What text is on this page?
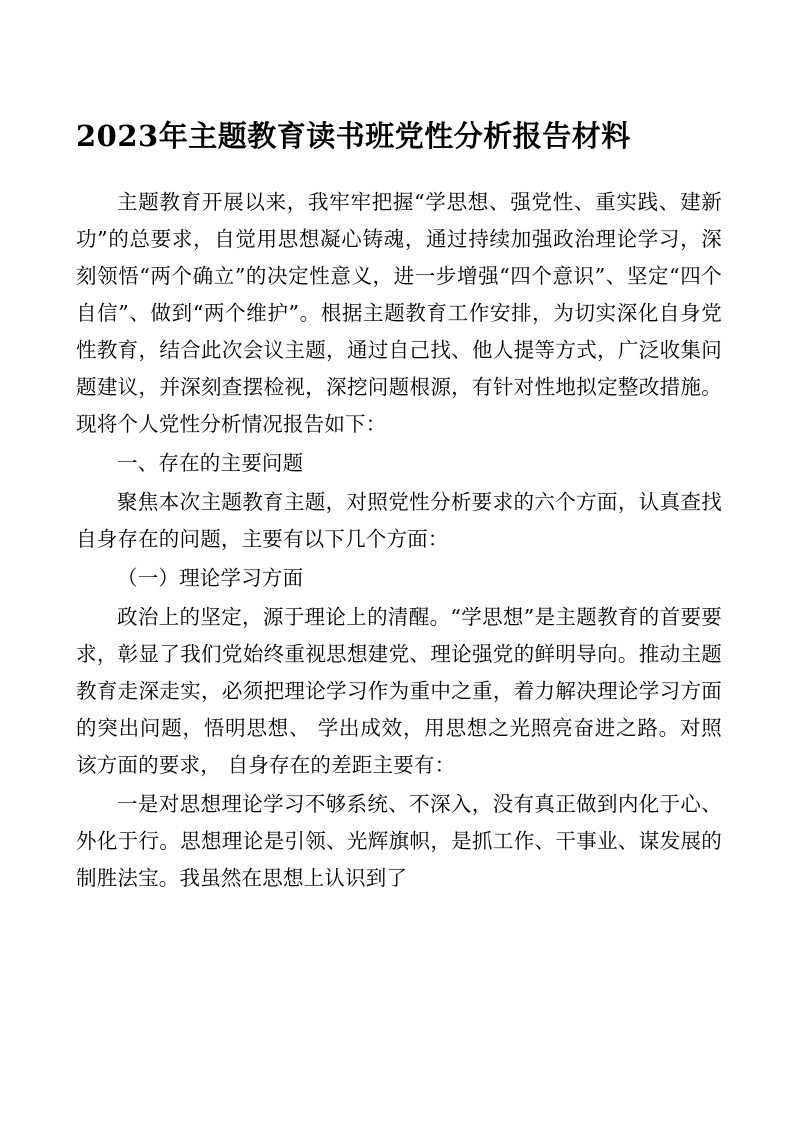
2023年主题教育读书班党性分析报告材料

主题教育开展以来，我牢牢把握“学思想、强党性、重实践、建新功”的总要求，自觉用思想凝心铸魂，通过持续加强政治理论学习，深刻领悟“两个确立”的决定性意义，进一步增强“四个意识”、坚定“四个自信”、做到“两个维护”。根据主题教育工作安排，为切实深化自身党性教育，结合此次会议主题，通过自己找、他人提等方式，广泛收集问题建议，并深刻查摆检视，深挖问题根源，有针对性地拟定整改措施。 现将个人党性分析情况报告如下：

一、存在的主要问题

聚焦本次主题教育主题，对照党性分析要求的六个方面，认真查找自身存在的问题，主要有以下几个方面：

（一）理论学习方面

政治上的坚定，源于理论上的清醒。“学思想”是主题教育的首要要求，彰显了我们党始终重视思想建党、理论强党的鲜明导向。推动主题教育走深走实，必须把理论学习作为重中之重，着力解决理论学习方面的突出问题，悟明思想、 学出成效，用思想之光照亮奋进之路。对照该方面的要求， 自身存在的差距主要有：

一是对思想理论学习不够系统、不深入，没有真正做到内化于心、外化于行。思想理论是引领、光辉旗帜，是抓工作、干事业、谋发展的制胜法宝。我虽然在思想上认识到了
